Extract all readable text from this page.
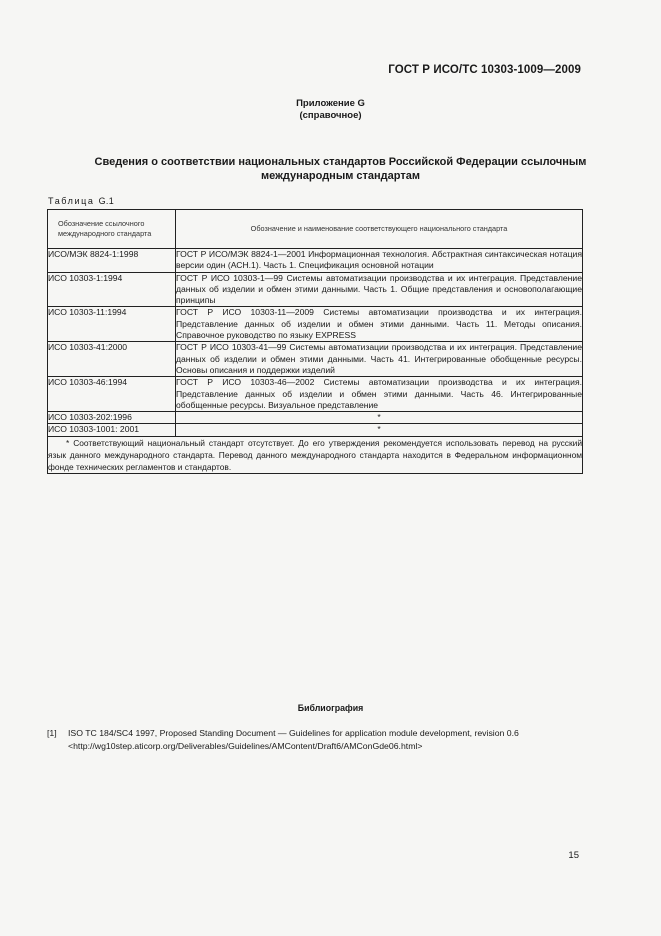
ГОСТ Р ИСО/ТС 10303-1009—2009
Приложение G
(справочное)
Сведения о соответствии национальных стандартов Российской Федерации ссылочным международным стандартам
Таблица G.1
Обозначение ссылочного международного стандарта	Обозначение и наименование соответствующего национального стандарта
ИСО/МЭК 8824-1:1998	ГОСТ Р ИСО/МЭК 8824-1—2001 Информационная технология. Абстрактная синтаксическая нотация версии один (АСН.1). Часть 1. Спецификация основной нотации
ИСО 10303-1:1994	ГОСТ Р ИСО 10303-1—99 Системы автоматизации производства и их интеграция. Представление данных об изделии и обмен этими данными. Часть 1. Общие представления и основополагающие принципы
ИСО 10303-11:1994	ГОСТ Р ИСО 10303-11—2009 Системы автоматизации производства и их интеграция. Представление данных об изделии и обмен этими данными. Часть 11. Методы описания. Справочное руководство по языку EXPRESS
ИСО 10303-41:2000	ГОСТ Р ИСО 10303-41—99 Системы автоматизации производства и их интеграция. Представление данных об изделии и обмен этими данными. Часть 41. Интегрированные обобщенные ресурсы. Основы описания и поддержки изделий
ИСО 10303-46:1994	ГОСТ Р ИСО 10303-46—2002 Системы автоматизации производства и их интеграция. Представление данных об изделии и обмен этими данными. Часть 46. Интегрированные обобщенные ресурсы. Визуальное представление
ИСО 10303-202:1996	*
ИСО 10303-1001: 2001	*
* Соответствующий национальный стандарт отсутствует. До его утверждения рекомендуется использовать перевод на русский язык данного международного стандарта. Перевод данного международного стандарта находится в Федеральном информационном фонде технических регламентов и стандартов.	
Библиография
[1] ISO TC 184/SC4 1997, Proposed Standing Document — Guidelines for application module development, revision 0.6 <http://wg10step.aticorp.org/Deliverables/Guidelines/AMContent/Draft6/AMConGde06.html>
15
